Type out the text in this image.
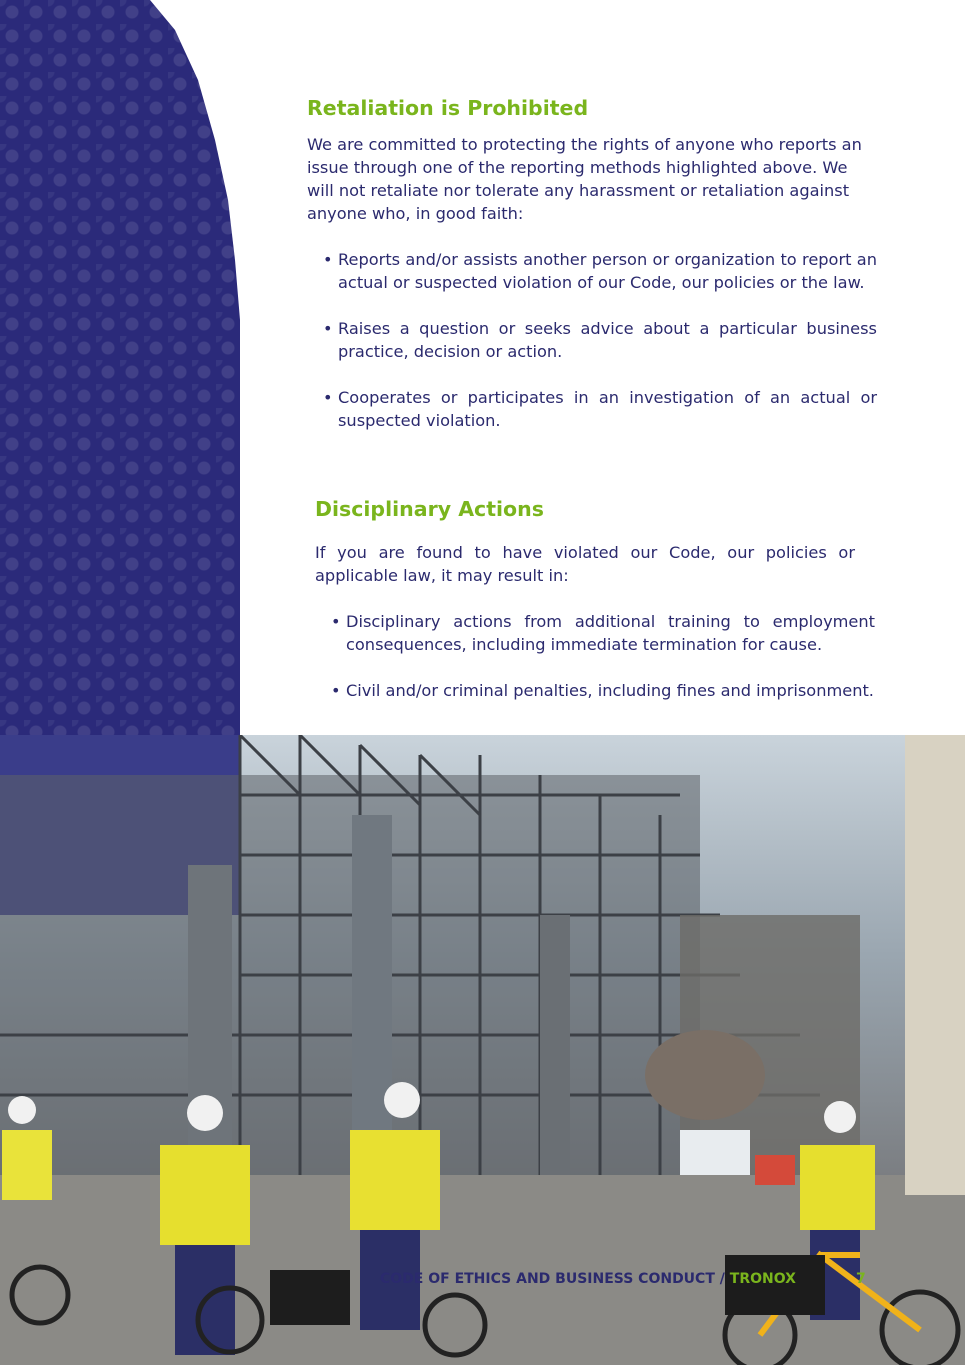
Retaliation is Prohibited

We are committed to protecting the rights of anyone who reports an issue through one of the reporting methods highlighted above. We will not retaliate nor tolerate any harassment or retaliation against anyone who, in good faith:

• Reports and/or assists another person or organization to report an actual or suspected violation of our Code, our policies or the law.
• Raises a question or seeks advice about a particular business practice, decision or action.
• Cooperates or participates in an investigation of an actual or suspected violation.
Disciplinary Actions

If you are found to have violated our Code, our policies or applicable law, it may result in:

• Disciplinary actions from additional training to employment consequences, including immediate termination for cause.
• Civil and/or criminal penalties, including fines and imprisonment.
CODE OF ETHICS AND BUSINESS CONDUCT / TRONOX	7
